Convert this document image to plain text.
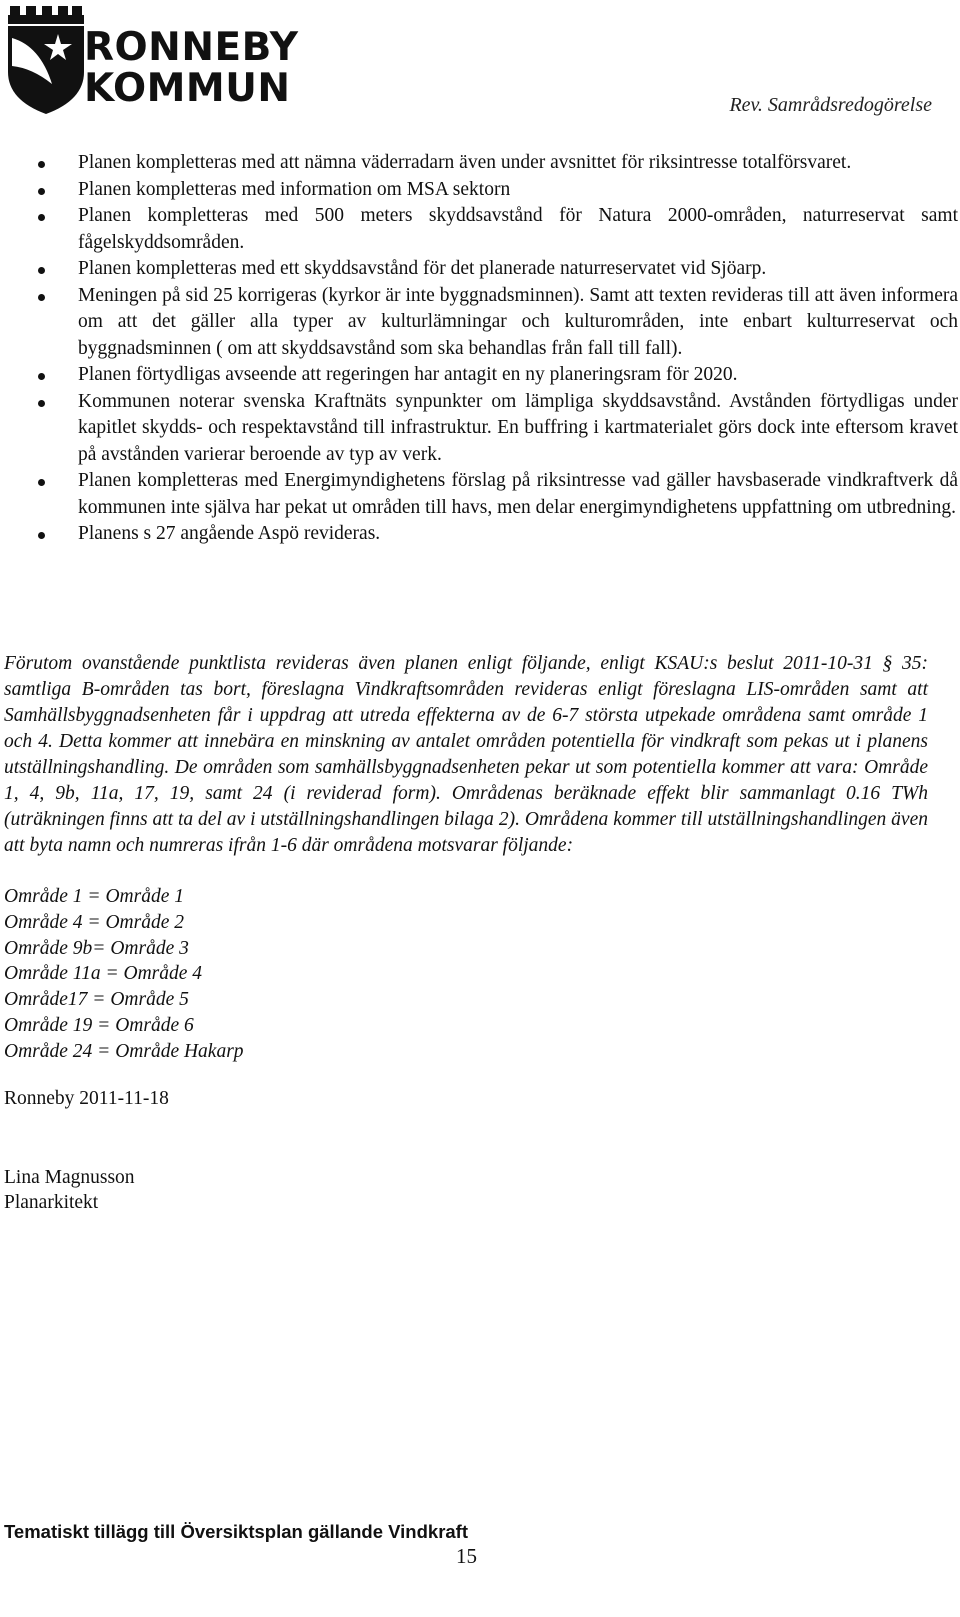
RONNEBY
KOMMUN	Rev. Samrådsredogörelse
Planen kompletteras med att nämna väderradarn även under avsnittet för riksintresse totalförsvaret.
Planen kompletteras med information om MSA sektorn
Planen kompletteras med 500 meters skyddsavstånd för Natura 2000-områden, naturreservat samt fågelskyddsområden.
Planen kompletteras med ett skyddsavstånd för det planerade naturreservatet vid Sjöarp.
Meningen på sid 25 korrigeras (kyrkor är inte byggnadsminnen). Samt att texten revideras till att även informera om att det gäller alla typer av kulturlämningar och kulturområden, inte enbart kulturreservat och byggnadsminnen ( om att skyddsavstånd som ska behandlas från fall till fall).
Planen förtydligas avseende att regeringen har antagit en ny planeringsram för 2020.
Kommunen noterar svenska Kraftnäts synpunkter om lämpliga skyddsavstånd. Avstånden förtydligas under kapitlet skydds- och respektavstånd till infrastruktur. En buffring i kartmaterialet görs dock inte eftersom kravet på avstånden varierar beroende av typ av verk.
Planen kompletteras med Energimyndighetens förslag på riksintresse vad gäller havsbaserade vindkraftverk då kommunen inte själva har pekat ut områden till havs, men delar energimyndighetens uppfattning om utbredning.
Planens s 27 angående Aspö revideras.

Förutom ovanstående punktlista revideras även planen enligt följande, enligt KSAU:s beslut 2011-10-31 § 35: samtliga B-områden tas bort, föreslagna Vindkraftsområden revideras enligt föreslagna LIS-områden samt att Samhällsbyggnadsenheten får i uppdrag att utreda effekterna av de 6-7 största utpekade områdena samt område 1 och 4. Detta kommer att innebära en minskning av antalet områden potentiella för vindkraft som pekas ut i planens utställningshandling. De områden som samhällsbyggnadsenheten pekar ut som potentiella kommer att vara: Område 1, 4, 9b, 11a, 17, 19, samt 24 (i reviderad form). Områdenas beräknade effekt blir sammanlagt 0.16 TWh (uträkningen finns att ta del av i utställningshandlingen bilaga 2). Områdena kommer till utställningshandlingen även att byta namn och numreras ifrån 1-6 där områdena motsvarar följande:

Område 1 = Område 1
Område 4 = Område 2
Område 9b= Område 3
Område 11a = Område 4
Område17 = Område 5
Område 19 = Område 6
Område 24 = Område Hakarp
Ronneby 2011-11-18
Lina Magnusson
Planarkitekt
Tematiskt tillägg till Översiktsplan gällande Vindkraft
15
